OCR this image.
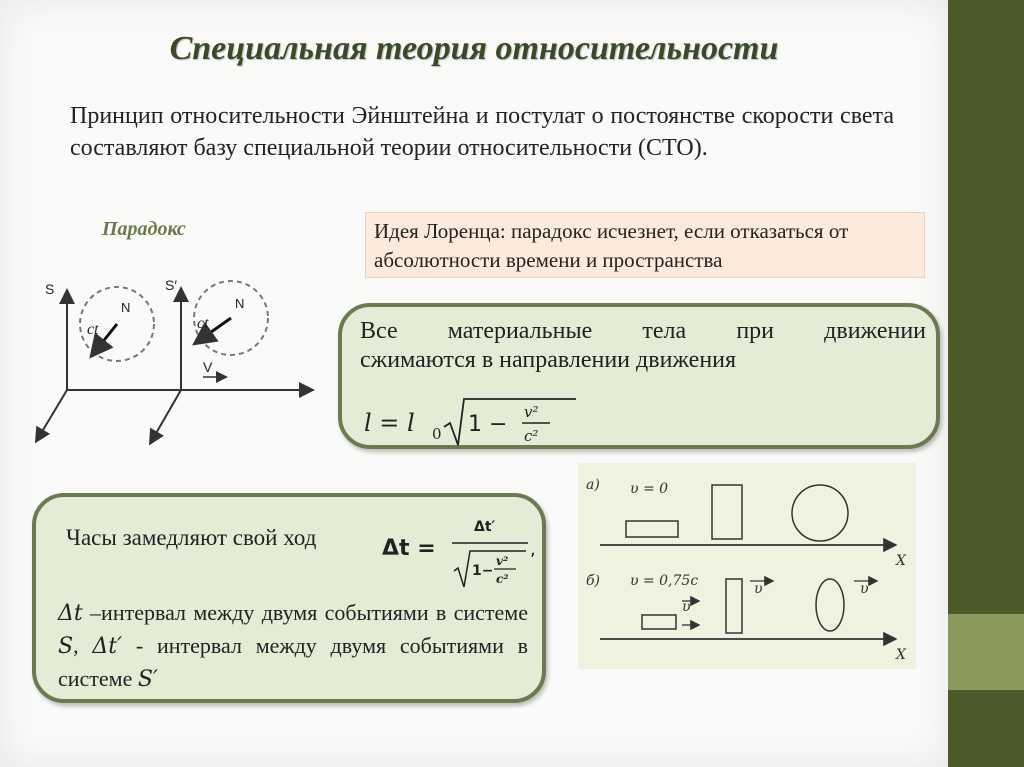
Специальная теория относительности
Принцип относительности Эйнштейна и постулат о постоянстве скорости света составляют базу специальной теории относительности (СТО).
Парадокс	Идея Лоренца: парадокс исчезнет, если отказаться от абсолютности времени и пространства
S	S′
N	N
ct	ct
V
Все материальные тела при движении
сжимаются в направлении движения
l = l 0 1 − v²
c²
а) υ = 0
X
б) υ = 0,75c
υ
υ	υ
X
Часы замедляют свой ход	Δt =
Δt′
1−
v²
c²
,
Δt –интервал между двумя событиями в системе S, Δt′ - интервал между двумя событиями в системе S′
